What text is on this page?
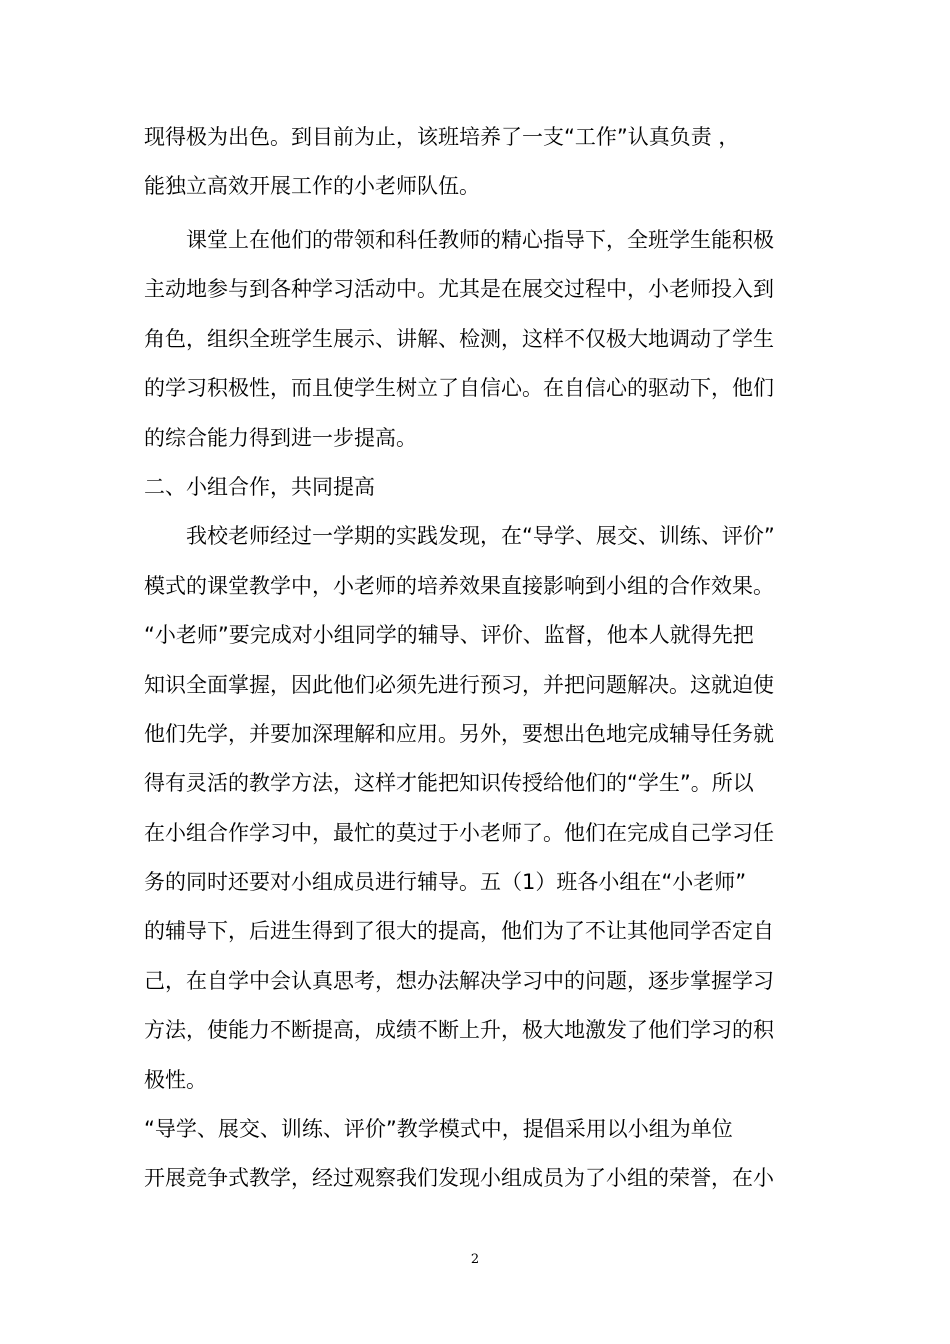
现得极为出色。到目前为止，该班培养了一支“工作”认真负责 ，
能独立高效开展工作的小老师队伍。
　　课堂上在他们的带领和科任教师的精心指导下，全班学生能积极
主动地参与到各种学习活动中。尤其是在展交过程中，小老师投入到
角色，组织全班学生展示、讲解、检测，这样不仅极大地调动了学生
的学习积极性，而且使学生树立了自信心。在自信心的驱动下，他们
的综合能力得到进一步提高。
二、小组合作，共同提高
　　我校老师经过一学期的实践发现，在“导学、展交、训练、评价”
模式的课堂教学中，小老师的培养效果直接影响到小组的合作效果。
“小老师”要完成对小组同学的辅导、评价、监督，他本人就得先把
知识全面掌握，因此他们必须先进行预习，并把问题解决。这就迫使
他们先学，并要加深理解和应用。另外，要想出色地完成辅导任务就
得有灵活的教学方法，这样才能把知识传授给他们的“学生”。所以
在小组合作学习中，最忙的莫过于小老师了。他们在完成自己学习任
务的同时还要对小组成员进行辅导。五（1）班各小组在“小老师”
的辅导下，后进生得到了很大的提高，他们为了不让其他同学否定自
己，在自学中会认真思考，想办法解决学习中的问题，逐步掌握学习
方法，使能力不断提高，成绩不断上升，极大地激发了他们学习的积
极性。
“导学、展交、训练、评价”教学模式中，提倡采用以小组为单位
开展竞争式教学，经过观察我们发现小组成员为了小组的荣誉，在小
2
